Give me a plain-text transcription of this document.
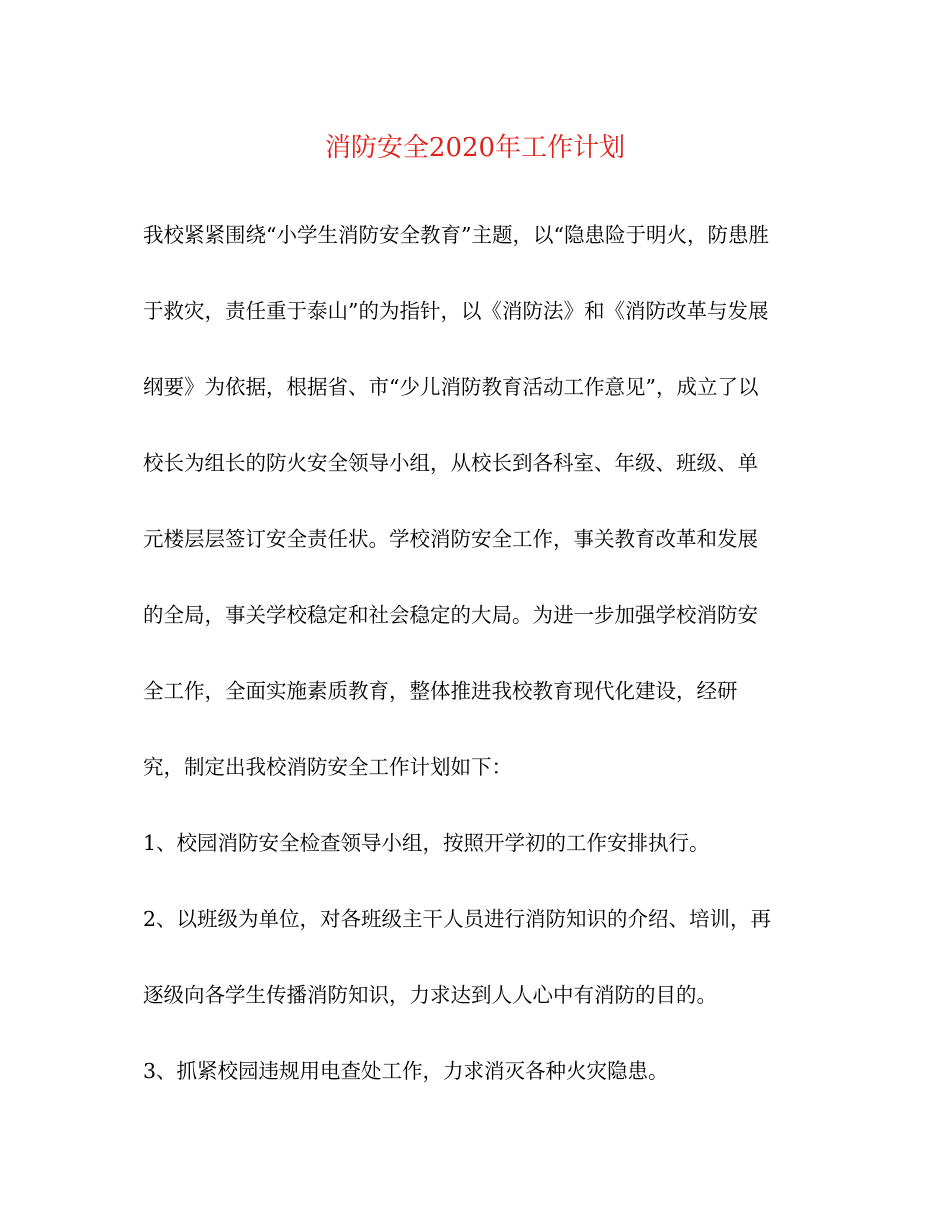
消防安全2020年工作计划
我校紧紧围绕“小学生消防安全教育”主题，以“隐患险于明火，防患胜
于救灾，责任重于泰山”的为指针，以《消防法》和《消防改革与发展
纲要》为依据，根据省、市“少儿消防教育活动工作意见”，成立了以
校长为组长的防火安全领导小组，从校长到各科室、年级、班级、单
元楼层层签订安全责任状。学校消防安全工作，事关教育改革和发展
的全局，事关学校稳定和社会稳定的大局。为进一步加强学校消防安
全工作，全面实施素质教育，整体推进我校教育现代化建设，经研
究，制定出我校消防安全工作计划如下：
1、校园消防安全检查领导小组，按照开学初的工作安排执行。
2、以班级为单位，对各班级主干人员进行消防知识的介绍、培训，再
逐级向各学生传播消防知识，力求达到人人心中有消防的目的。
3、抓紧校园违规用电查处工作，力求消灭各种火灾隐患。
